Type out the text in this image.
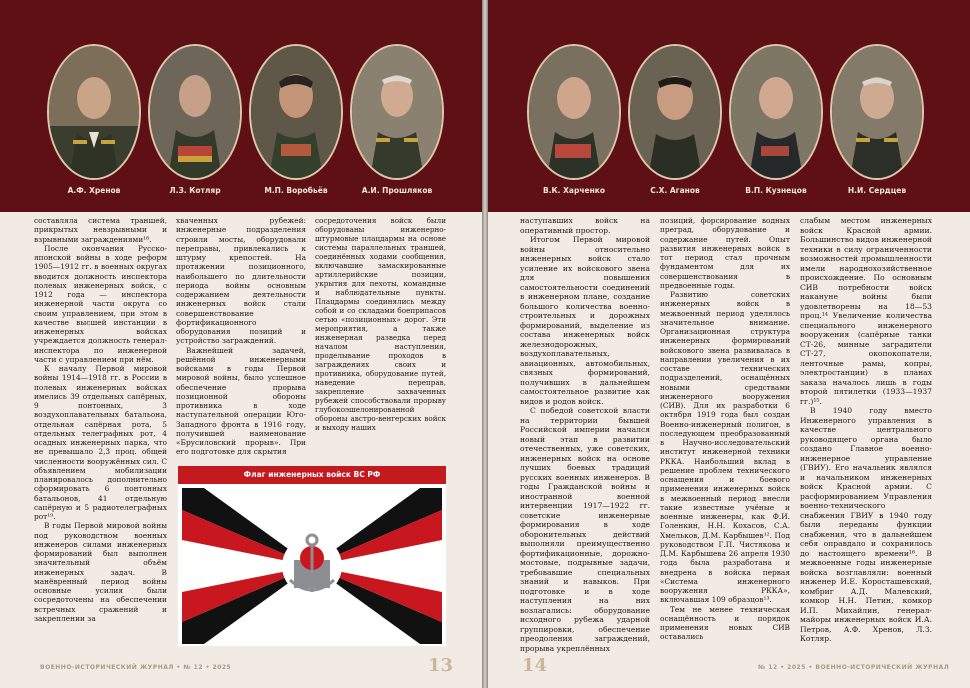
А.Ф. Хренов	Л.З. Котляр	М.П. Воробьёв	А.И. Прошляков

составляла система траншей, прикрытых невзрывными и взрывными заграждениями¹⁸.

После окончания Русско-японской войны в ходе реформ 1905—1912 гг. в военных округах вводится должность инспектора полевых инженерных войск, с 1912 года — инспектора инженерной части округа со своим управлением, при этом в качестве высшей инстанции в инженерных войсках учреждается должность генерал-инспектора по инженерной части с управлением при нём.

К началу Первой мировой войны 1914—1918 гг. в России в полевых инженерных войсках имелись 39 отдельных сапёрных, 9 понтонных, 3 воздухоплавательных батальона, отдельная сапёрная рота, 5 отдельных телеграфных рот, 4 осадных инженерных парка, что не превышало 2,3 проц. общей численности вооружённых сил. С объявлением мобилизации планировалось дополнительно сформировать 6 понтонных батальонов, 41 отдельную сапёрную и 5 радиотелеграфных рот¹⁹.

В годы Первой мировой войны под руководством военных инженеров силами инженерных формирований был выполнен значительный объём инженерных задач. В манёвренный период войны основные усилия были сосредоточены на обеспечении встречных сражений и закреплении за

хваченных рубежей: инженерные подразделения строили мосты, оборудовали переправы, привлекались к штурму крепостей. На протяжении позиционного, наибольшего по длительности периода войны основным содержанием деятельности инженерных войск стали совершенствование фортификационного оборудования позиций и устройство заграждений.

Важнейшей задачей, решённой инженерными войсками в годы Первой мировой войны, было успешное обеспечение прорыва позиционной обороны противника в ходе наступательной операции Юго-Западного фронта в 1916 году, получившей наименование «Брусиловский прорыв». При его подготовке для скрытия

сосредоточения войск были оборудованы инженерно-штурмовые плацдармы на основе системы параллельных траншей, соединённых ходами сообщения, включавшие замаскированные артиллерийские позиции, укрытия для пехоты, командные и наблюдательные пункты. Плацдармы соединялись между собой и со складами боеприпасов сетью «позиционных» дорог. Эти мероприятия, а также инженерная разведка перед началом наступления, проделывание проходов в заграждениях своих и противника, оборудование путей, наведение переправ, закрепление захваченных рубежей способствовали прорыву глубокоэшелонированной обороны австро-венгерских войск и выходу наших

Флаг инженерных войск ВС РФ
ВОЕННО-ИСТОРИЧЕСКИЙ ЖУРНАЛ • № 12 • 2025	13
В.К. Харченко	С.Х. Аганов	В.П. Кузнецов	Н.И. Сердцев

наступавших войск на оперативный простор.

Итогом Первой мировой войны относительно инженерных войск стало усиление их войскового звена для повышения самостоятельности соединений в инженерном плане, создание большого количества военно-строительных и дорожных формирований, выделение из состава инженерных войск железнодорожных, воздухоплавательных, авиационных, автомобильных, связных формирований, получивших в дальнейшем самостоятельное развитие как видов и родов войск.

С победой советской власти на территории бывшей Российской империи начался новый этап в развитии отечественных, уже советских, инженерных войск на основе лучших боевых традиций русских военных инженеров. В годы Гражданской войны и иностранной военной интервенции 1917—1922 гг. советские инженерные формирования в ходе оборонительных действий выполняли преимущественно фортификационные, дорожно-мостовые, подрывные задачи, требовавшие специальных знаний и навыков. При подготовке и в ходе наступления на них возлагались: оборудование исходного рубежа ударной группировки, обеспечение преодоления заграждений, прорыва укреплённых

позиций, форсирование водных преград, оборудование и содержание путей. Опыт развития инженерных войск в тот период стал прочным фундаментом для их совершенствования в предвоенные годы.

Развитию советских инженерных войск в межвоенный период уделялось значительное внимание. Организационная структура инженерных формирований войскового звена развивалась в направлении увеличения в их составе технических подразделений, оснащённых новыми средствами инженерного вооружения (СИВ). Для их разработки 6 октября 1919 года был создан Военно-инженерный полигон, в последующем преобразованный в Научно-исследовательский институт инженерной техники РККА. Наибольший вклад в решение проблем технического оснащения и боевого применения инженерных войск в межвоенный период внесли такие известные учёные и военные инженеры, как Ф.И. Голенкин, Н.Н. Кохасов, С.А. Хмельков, Д.М. Карбышев¹². Под руководством Г.П. Чистякова и Д.М. Карбышева 26 апреля 1930 года была разработана и внедрена в войска первая «Система инженерного вооружения РККА», включавшая 109 образцов¹³.

Тем не менее техническая оснащённость и порядок применения новых СИВ оставались

слабым местом инженерных войск Красной армии. Большинство видов инженерной техники в силу ограниченности возможностей промышленности имели народнохозяйственное происхождение. По основным СИВ потребности войск накануне войны были удовлетворены на 18—53 проц.¹⁴ Увеличение количества специального инженерного вооружения (сапёрные танки СТ-26, минные заградители СТ-27, окопокопатели, ленточные рамы, копры, электростанции) в планах заказа началось лишь в годы второй пятилетки (1933—1937 гг.)¹⁵.

В 1940 году вместо Инженерного управления в качестве центрального руководящего органа было создано Главное военно-инженерное управление (ГВИУ). Его начальник являлся и начальником инженерных войск Красной армии. С расформированием Управления военно-технического снабжения ГВИУ в 1940 году были переданы функции снабжения, что в дальнейшем себя оправдало и сохранилось до настоящего времени¹⁶. В межвоенные годы инженерные войска возглавляли: военный инженер И.Е. Коросташевский, комбриг А.Д. Малевский, комкор Н.Н. Петин, комкор И.П. Михайлин, генерал-майоры инженерных войск И.А. Петров, А.Ф. Хренов, Л.З. Котляр.

14	№ 12 • 2025 • ВОЕННО-ИСТОРИЧЕСКИЙ ЖУРНАЛ
